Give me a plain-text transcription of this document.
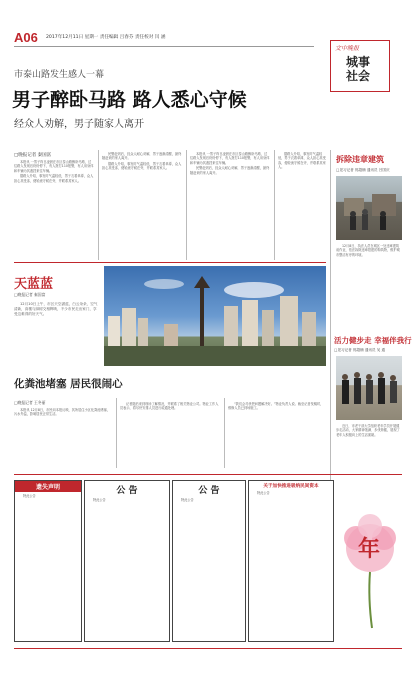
A06 2017年12月11日 星期一 责任编辑 吕春芬 责任校对 闫 涵
文中晚报
城事社会
市泰山路发生感人一幕
男子醉卧马路 路人悉心守候
经众人劝解，男子随家人离开
□晚报记者 秦国富

本报讯 一男子昨日凌晨在市区泰山路醉卧马路，过往路人发现后纷纷停下，有人拨打110报警，有人用身体和车辆为其遮挡来往车辆。

据路人介绍，事发时气温较低，男子衣着单薄，众人担心其受冻，便轮流守候在旁，并联系其家人。

民警赶到后，经众人耐心劝解，男子逐渐清醒，最终随赶来的家人离开。

据路人介绍，事发时气温较低，男子衣着单薄，众人担心其受冻，便轮流守候在旁，并联系其家人。

本报讯 一男子昨日凌晨在市区泰山路醉卧马路，过往路人发现后纷纷停下，有人拨打110报警，有人用身体和车辆为其遮挡来往车辆。

民警赶到后，经众人耐心劝解，男子逐渐清醒，最终随赶来的家人离开。

据路人介绍，事发时气温较低，男子衣着单薄，众人担心其受冻，便轮流守候在旁，并联系其家人。

拆除违章建筑
□见习记者 郭超楠 通讯员 吕国庆
12月8日，执法人员在城区一处违章建筑前作业，依法拆除违章搭建的构筑物，维护城市整洁有序的环境。
活力健步走 幸福伴我行
□见习记者 郭超楠 通讯员 吴 通
近日，市老干部大学组织老年学员开展健步走活动，大家精神饱满、步伐矫健，展现了老年人积极向上的生活面貌。
天蓝蓝
□晚报记者 秦国富
12月10日上午，市区天空湛蓝，白云朵朵，空气清新，高楼与绿树交相辉映，不少市民走出家门，享受这难得的好天气。
化粪池堵塞 居民很闹心
□晚报记者 王冬丽

本报讯 12月8日，市民向本报反映，其所居住小区化粪池堵塞，污水外溢，影响居民正常生活。

记者随后来到现场了解情况，并联系了相关物业公司。物业工作人员表示，将尽快安排人员进行疏通处理。

“我们会尽快把问题解决好。”物业负责人说。截至记者发稿时，维修人员已到场施工。

遗失声明

特此公告	公 告

特此公告

公 告

特此公告

关于加快推进吸纳民间资本

特此公告

年
